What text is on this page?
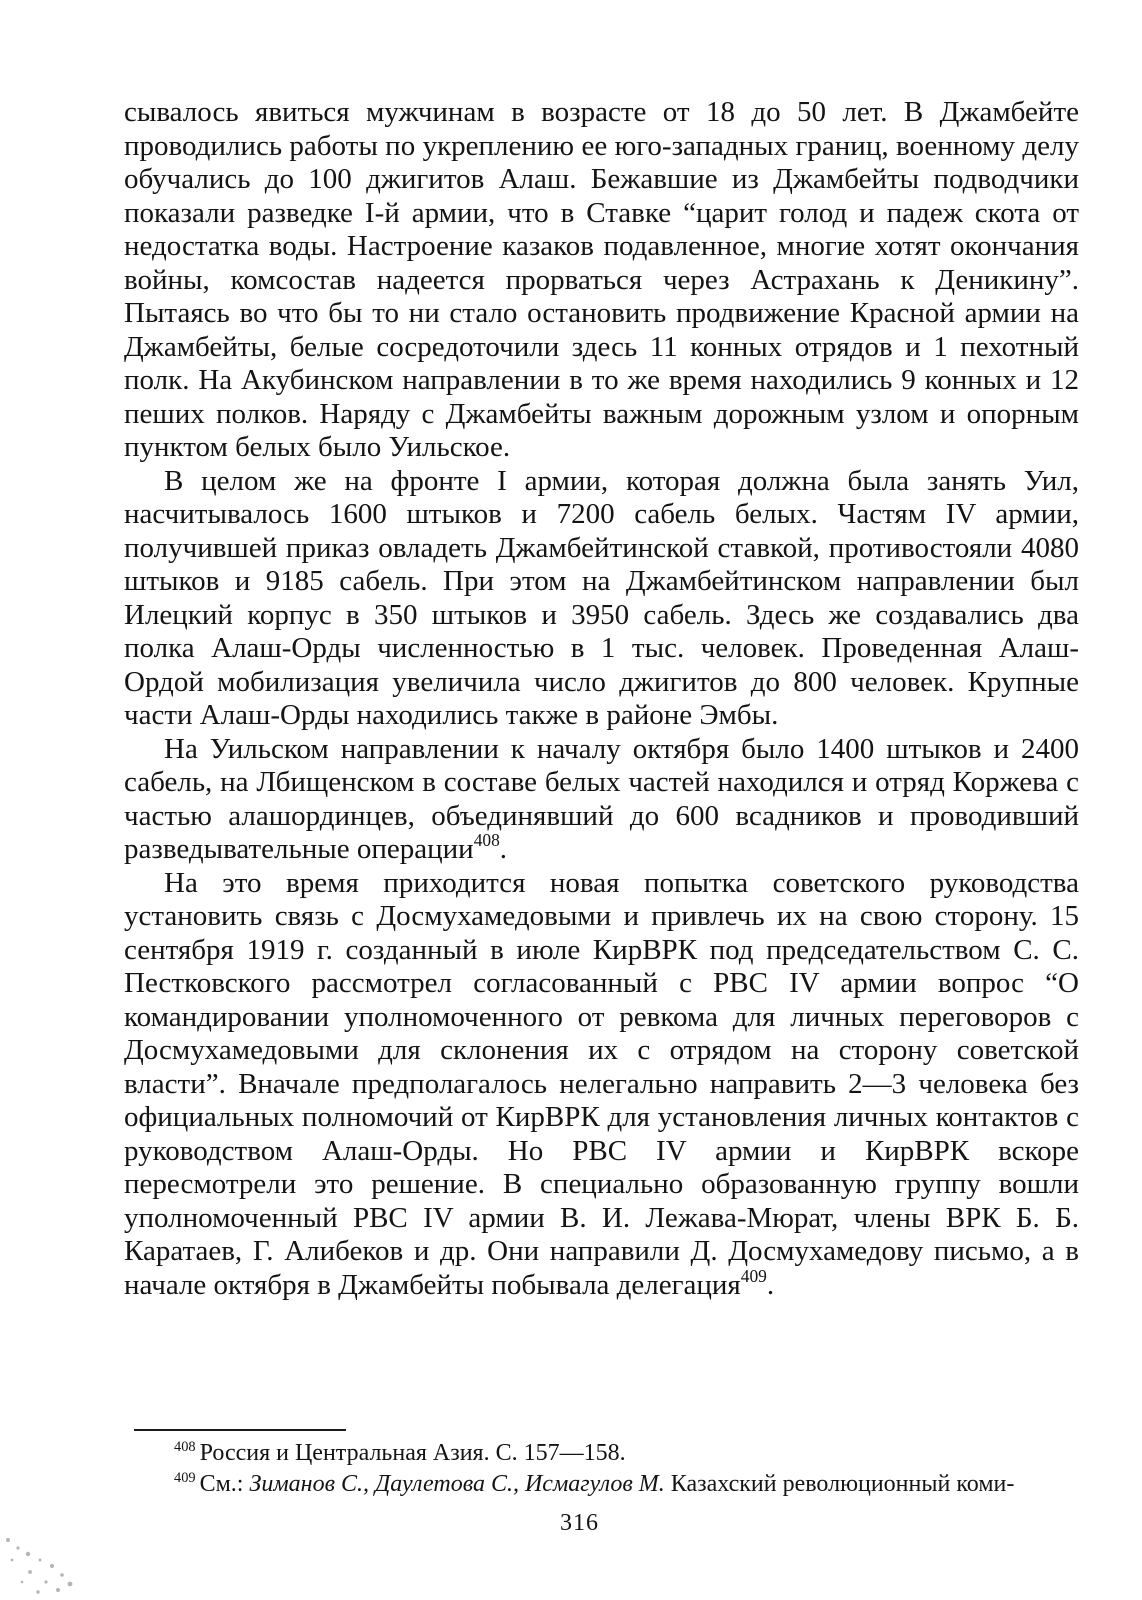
сывалось явиться мужчинам в возрасте от 18 до 50 лет. В Джамбейте проводились работы по укреплению ее юго-западных границ, военному делу обучались до 100 джигитов Алаш. Бежавшие из Джамбейты подводчики показали разведке I-й армии, что в Ставке “царит голод и падеж скота от недостатка воды. Настроение казаков подавленное, многие хотят окончания войны, комсостав надеется прорваться через Астрахань к Деникину”. Пытаясь во что бы то ни стало остановить продвижение Красной армии на Джамбейты, белые сосредоточили здесь 11 конных отрядов и 1 пехотный полк. На Акубинском направлении в то же время находились 9 конных и 12 пеших полков. Наряду с Джамбейты важным дорожным узлом и опорным пунктом белых было Уильское.

В целом же на фронте I армии, которая должна была занять Уил, насчитывалось 1600 штыков и 7200 сабель белых. Частям IV армии, получившей приказ овладеть Джамбейтинской ставкой, противостояли 4080 штыков и 9185 сабель. При этом на Джамбейтинском направлении был Илецкий корпус в 350 штыков и 3950 сабель. Здесь же создавались два полка Алаш-Орды численностью в 1 тыс. человек. Проведенная Алаш-Ордой мобилизация увеличила число джигитов до 800 человек. Крупные части Алаш-Орды находились также в районе Эмбы.

На Уильском направлении к началу октября было 1400 штыков и 2400 сабель, на Лбищенском в составе белых частей находился и отряд Коржева с частью алашординцев, объединявший до 600 всадников и проводивший разведывательные операции$^{408}$.

На это время приходится новая попытка советского руководства установить связь с Досмухамедовыми и привлечь их на свою сторону. 15 сентября 1919 г. созданный в июле КирВРК под председательством С. С. Пестковского рассмотрел согласованный с РВС IV армии вопрос “О командировании уполномоченного от ревкома для личных переговоров с Досмухамедовыми для склонения их с отрядом на сторону советской власти”. Вначале предполагалось нелегально направить 2—3 человека без официальных полномочий от КирВРК для установления личных контактов с руководством Алаш-Орды. Но РВС IV армии и КирВРК вскоре пересмотрели это решение. В специально образованную группу вошли уполномоченный РВС IV армии В. И. Лежава-Мюрат, члены ВРК Б. Б. Каратаев, Г. Алибеков и др. Они направили Д. Досмухамедову письмо, а в начале октября в Джамбейты побывала делегация$^{409}$.

$^{408}$ Россия и Центральная Азия. С. 157—158.

$^{409}$ См.: Зиманов С., Даулетова С., Исмагулов М. Казахский революционный коми-

316
